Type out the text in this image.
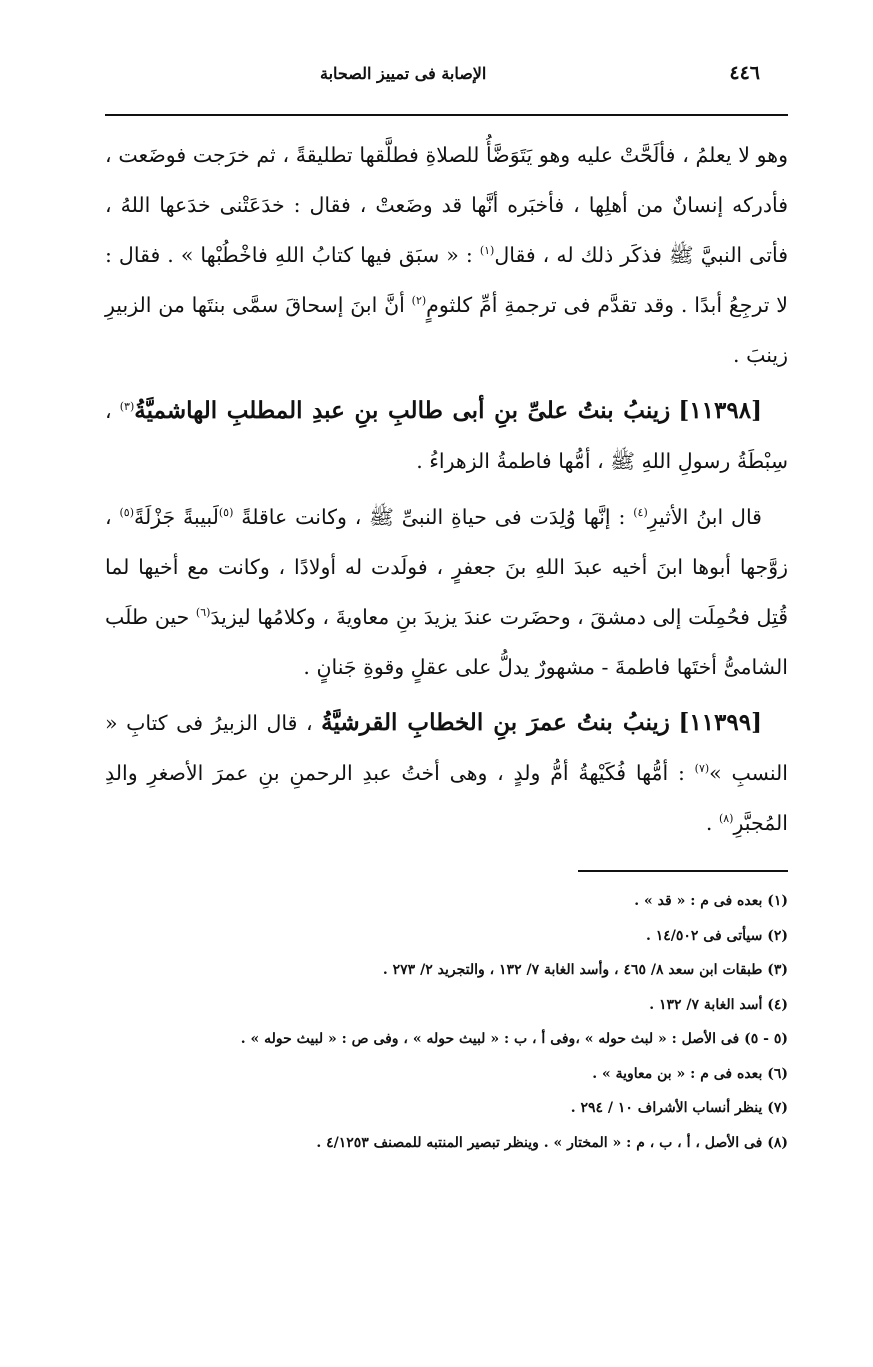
٤٤٦
الإصابة فى تمييز الصحابة

وهو لا يعلمُ ، فألَحَّتْ عليه وهو يَتَوَضَّأُ للصلاةِ فطلَّقها تطليقةً ، ثم خرَجت فوضَعت ، فأدركه إنسانٌ من أهلِها ، فأخبَره أنَّها قد وضَعتْ ، فقال : خدَعَتْنى خدَعها اللهُ ، فأتى النبيَّ ﷺ فذكَر ذلك له ، فقال$^{(١)}$ : « سبَق فيها كتابُ اللهِ فاخْطُبْها » . فقال : لا ترجِعُ أبدًا . وقد تقدَّم فى ترجمةِ أمِّ كلثومٍ$^{(٢)}$ أنَّ ابنَ إسحاقَ سمَّى بنتَها من الزبيرِ زينبَ .

[١١٣٩٨] زينبُ بنتُ علىِّ بنِ أبى طالبِ بنِ عبدِ المطلبِ الهاشميَّةُ$^{(٣)}$ ، سِبْطَةُ رسولِ اللهِ ﷺ ، أمُّها فاطمةُ الزهراءُ .

قال ابنُ الأثيرِ$^{(٤)}$ : إنَّها وُلِدَت فى حياةِ النبىِّ ﷺ ، وكانت عاقلةً $^{(٥)}$لَبيبةً جَزْلَةً$^{(٥)}$ ، زوَّجها أبوها ابنَ أخيه عبدَ اللهِ بنَ جعفرٍ ، فولَدت له أولادًا ، وكانت مع أخيها لما قُتِل فحُمِلَت إلى دمشقَ ، وحضَرت عندَ يزيدَ بنِ معاويةَ ، وكلامُها ليزيدَ$^{(٦)}$ حين طلَب الشامىُّ أختَها فاطمةَ - مشهورٌ يدلُّ على عقلٍ وقوةِ جَنانٍ .

[١١٣٩٩] زينبُ بنتُ عمرَ بنِ الخطابِ القرشيَّةُ ، قال الزبيرُ فى كتابِ « النسبِ »$^{(٧)}$ : أمُّها فُكَيْهةُ أمُّ ولدٍ ، وهى أختُ عبدِ الرحمنِ بنِ عمرَ الأصغرِ والدِ المُجبَّرِ$^{(٨)}$ .

(١) بعده فى م : « قد » .
(٢) سيأتى فى ١٤/٥٠٢ .
(٣) طبقات ابن سعد ٨/ ٤٦٥ ، وأسد الغابة ٧/ ١٣٢ ، والتجريد ٢/ ٢٧٣ .
(٤) أسد الغابة ٧/ ١٣٢ .
(٥ - ٥) فى الأصل : « لبث حوله » ،وفى أ ، ب : « لبيث حوله » ، وفى ص : « لبيث حوله » .
(٦) بعده فى م : « بن معاوية » .
(٧) ينظر أنساب الأشراف ١٠ / ٢٩٤ .
(٨) فى الأصل ، أ ، ب ، م : « المختار » . وينظر تبصير المنتبه للمصنف ٤/١٢٥٣ .
